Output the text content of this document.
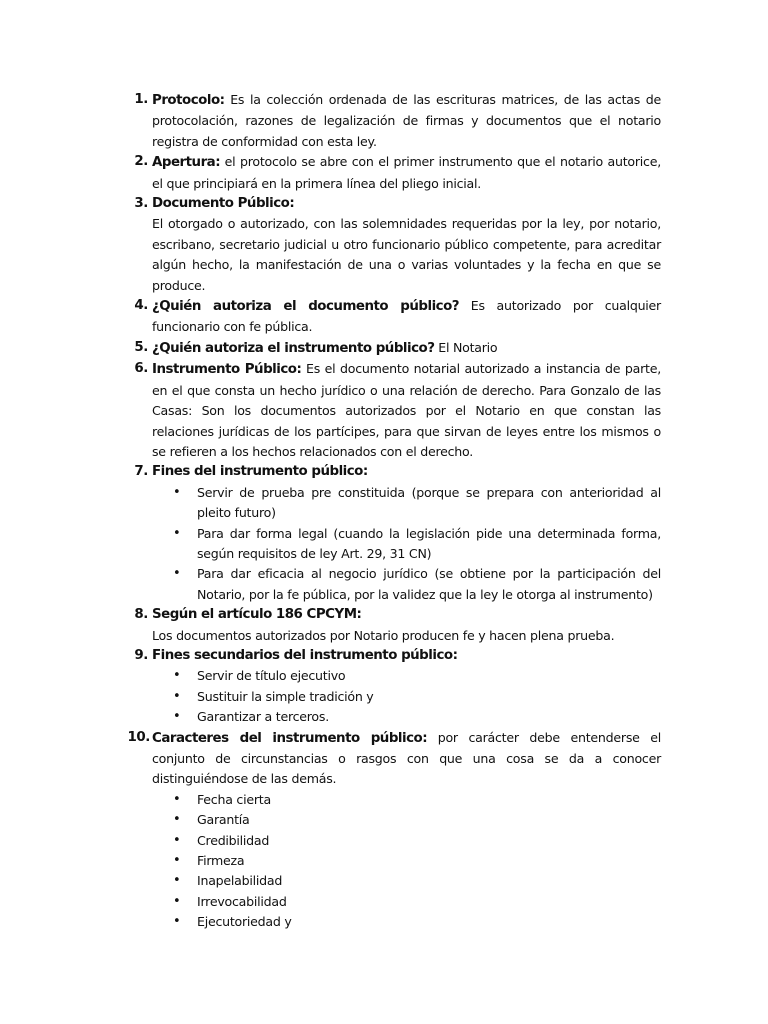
1. Protocolo: Es la colección ordenada de las escrituras matrices, de las actas de protocolación, razones de legalización de firmas y documentos que el notario registra de conformidad con esta ley.
2. Apertura: el protocolo se abre con el primer instrumento que el notario autorice, el que principiará en la primera línea del pliego inicial.
3. Documento Público:
El otorgado o autorizado, con las solemnidades requeridas por la ley, por notario, escribano, secretario judicial u otro funcionario público competente, para acreditar algún hecho, la manifestación de una o varias voluntades y la fecha en que se produce.
4. ¿Quién autoriza el documento público? Es autorizado por cualquier funcionario con fe pública.
5. ¿Quién autoriza el instrumento público? El Notario
6. Instrumento Público: Es el documento notarial autorizado a instancia de parte, en el que consta un hecho jurídico o una relación de derecho. Para Gonzalo de las Casas: Son los documentos autorizados por el Notario en que constan las relaciones jurídicas de los partícipes, para que sirvan de leyes entre los mismos o se refieren a los hechos relacionados con el derecho.
7. Fines del instrumento público:
• Servir de prueba pre constituida (porque se prepara con anterioridad al pleito futuro)
• Para dar forma legal (cuando la legislación pide una determinada forma, según requisitos de ley Art. 29, 31 CN)
• Para dar eficacia al negocio jurídico (se obtiene por la participación del Notario, por la fe pública, por la validez que la ley le otorga al instrumento)
8. Según el artículo 186 CPCYM:
Los documentos autorizados por Notario producen fe y hacen plena prueba.
9. Fines secundarios del instrumento público:
• Servir de título ejecutivo
• Sustituir la simple tradición y
• Garantizar a terceros.
10. Caracteres del instrumento público: por carácter debe entenderse el conjunto de circunstancias o rasgos con que una cosa se da a conocer distinguiéndose de las demás.
• Fecha cierta
• Garantía
• Credibilidad
• Firmeza
• Inapelabilidad
• Irrevocabilidad
• Ejecutoriedad y
